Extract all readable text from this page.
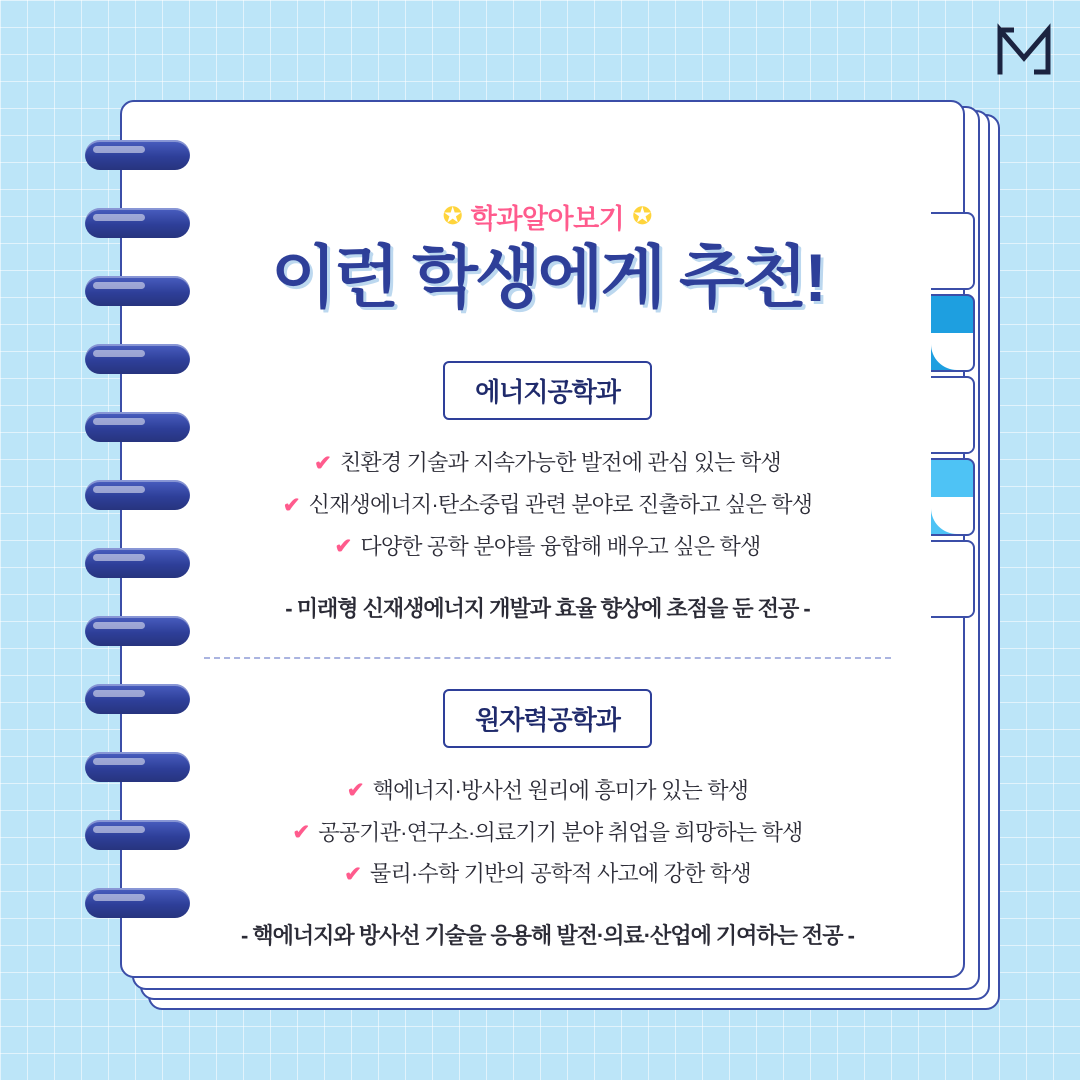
✪ 학과알아보기 ✪
이런 학생에게 추천!
에너지공학과
✔ 친환경 기술과 지속가능한 발전에 관심 있는 학생
✔ 신재생에너지·탄소중립 관련 분야로 진출하고 싶은 학생
✔ 다양한 공학 분야를 융합해 배우고 싶은 학생
- 미래형 신재생에너지 개발과 효율 향상에 초점을 둔 전공 -
원자력공학과
✔ 핵에너지·방사선 원리에 흥미가 있는 학생
✔ 공공기관·연구소·의료기기 분야 취업을 희망하는 학생
✔ 물리·수학 기반의 공학적 사고에 강한 학생
- 핵에너지와 방사선 기술을 응용해 발전·의료·산업에 기여하는 전공 -
